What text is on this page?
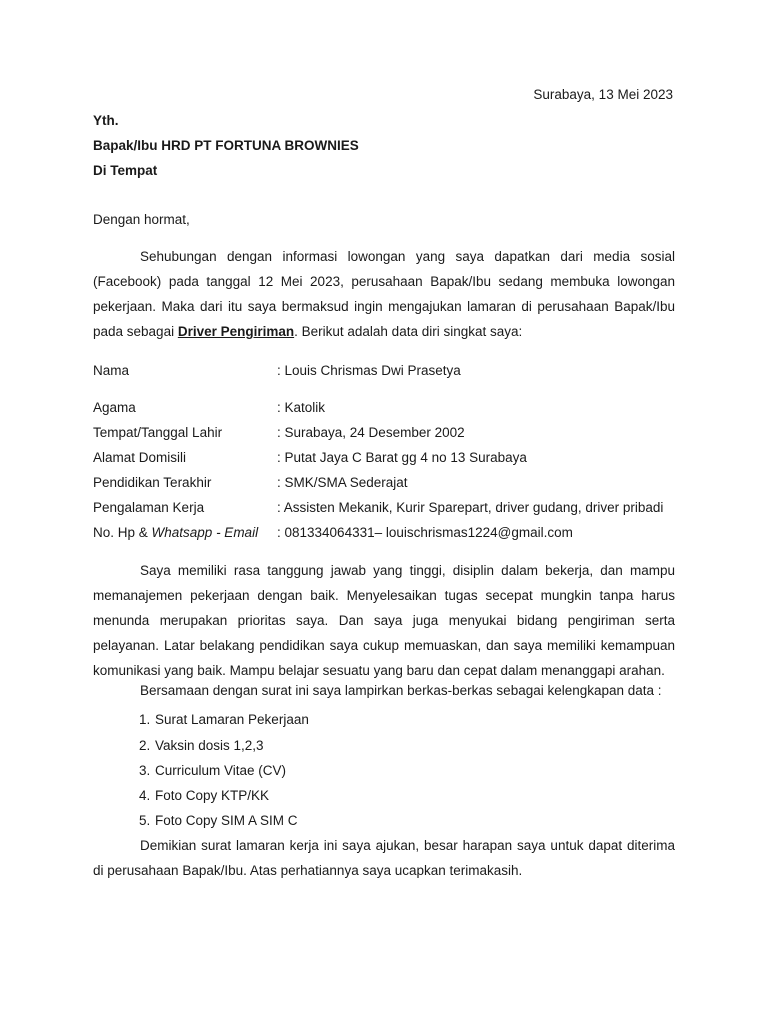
Surabaya, 13 Mei 2023
Yth.
Bapak/Ibu HRD PT FORTUNA BROWNIES
Di Tempat
Dengan hormat,
Sehubungan dengan informasi lowongan yang saya dapatkan dari media sosial (Facebook) pada tanggal 12 Mei 2023, perusahaan Bapak/Ibu sedang membuka lowongan pekerjaan. Maka dari itu saya bermaksud ingin mengajukan lamaran di perusahaan Bapak/Ibu pada sebagai Driver Pengiriman. Berikut adalah data diri singkat saya:
Nama	: Louis Chrismas Dwi Prasetya
Agama	: Katolik
Tempat/Tanggal Lahir	: Surabaya, 24 Desember 2002
Alamat Domisili	: Putat Jaya C Barat gg 4 no 13 Surabaya
Pendidikan Terakhir	: SMK/SMA Sederajat
Pengalaman Kerja	: Assisten Mekanik, Kurir Sparepart, driver gudang, driver pribadi
No. Hp & Whatsapp - Email : 081334064331– louischrismas1224@gmail.com
Saya memiliki rasa tanggung jawab yang tinggi, disiplin dalam bekerja, dan mampu memanajemen pekerjaan dengan baik. Menyelesaikan tugas secepat mungkin tanpa harus menunda merupakan prioritas saya. Dan saya juga menyukai bidang pengiriman serta pelayanan. Latar belakang pendidikan saya cukup memuaskan, dan saya memiliki kemampuan komunikasi yang baik. Mampu belajar sesuatu yang baru dan cepat dalam menanggapi arahan.
Bersamaan dengan surat ini saya lampirkan berkas-berkas sebagai kelengkapan data :
1. Surat Lamaran Pekerjaan
2. Vaksin dosis 1,2,3
3. Curriculum Vitae (CV)
4. Foto Copy KTP/KK
5. Foto Copy SIM A SIM C
Demikian surat lamaran kerja ini saya ajukan, besar harapan saya untuk dapat diterima di perusahaan Bapak/Ibu. Atas perhatiannya saya ucapkan terimakasih.
